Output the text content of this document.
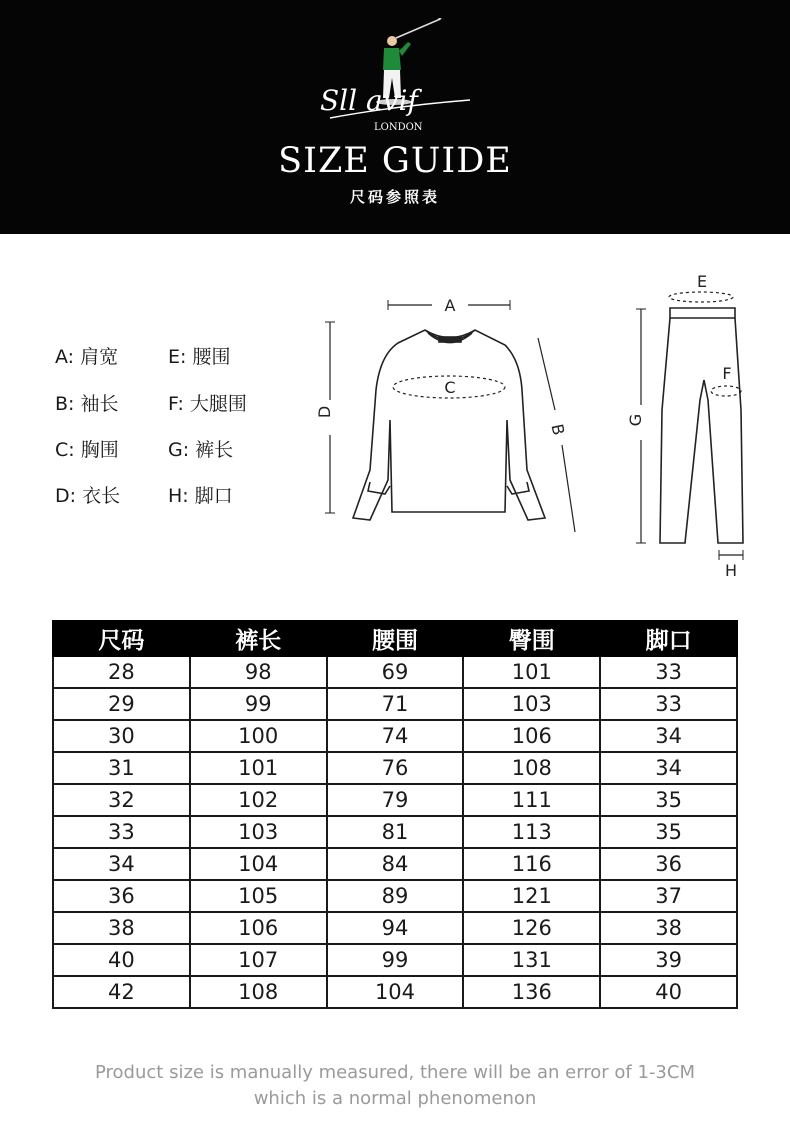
Sll avif
LONDON
SIZE GUIDE
尺码参照表
A: 肩宽	E: 腰围
B: 袖长	F: 大腿围
C: 胸围	G: 裤长
D: 衣长	H: 脚口
A
C
D
B
E
F
G
H
尺码	裤长	腰围	臀围	脚口
28	98	69	101	33
29	99	71	103	33
30	100	74	106	34
31	101	76	108	34
32	102	79	111	35
33	103	81	113	35
34	104	84	116	36
36	105	89	121	37
38	106	94	126	38
40	107	99	131	39
42	108	104	136	40
Product size is manually measured, there will be an error of 1-3CM
which is a normal phenomenon
